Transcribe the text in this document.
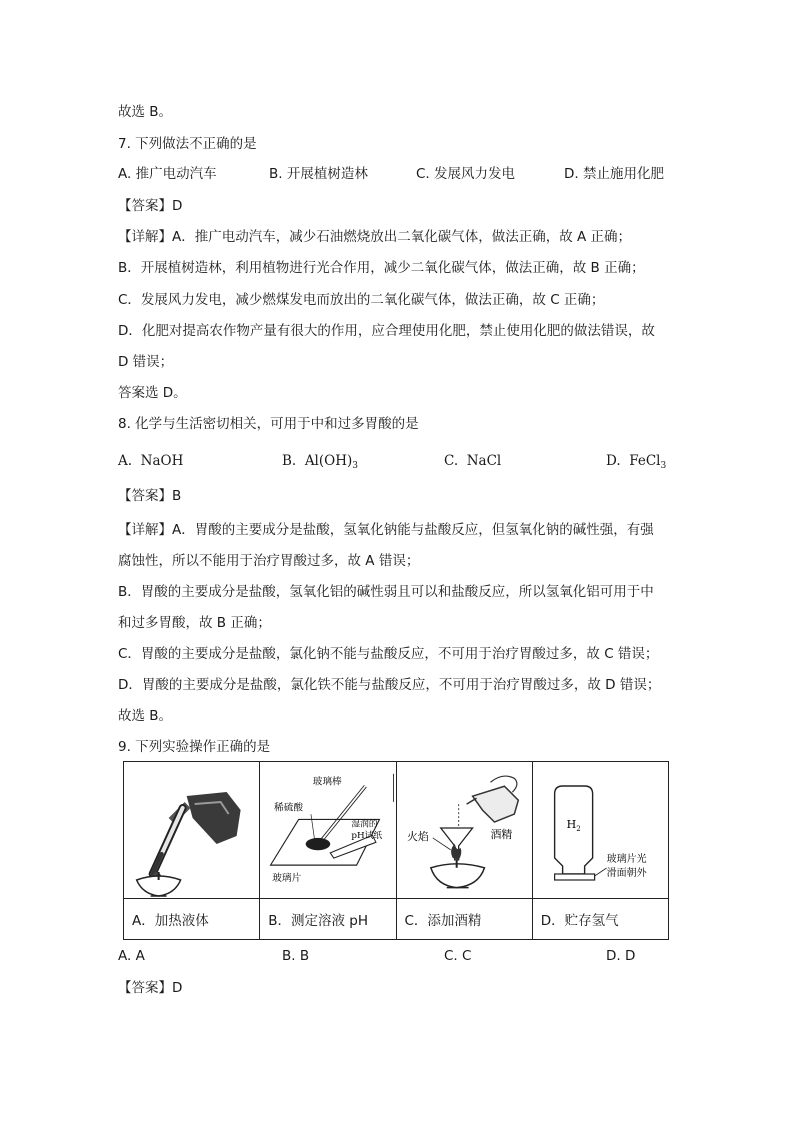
故选 B。
7. 下列做法不正确的是
A. 推广电动汽车	B. 开展植树造林	C. 发展风力发电	D. 禁止施用化肥
【答案】D
【详解】A．推广电动汽车，减少石油燃烧放出二氧化碳气体，做法正确，故 A 正确；
B．开展植树造林，利用植物进行光合作用，减少二氧化碳气体，做法正确，故 B 正确；
C．发展风力发电，减少燃煤发电而放出的二氧化碳气体，做法正确，故 C 正确；
D．化肥对提高农作物产量有很大的作用，应合理使用化肥，禁止使用化肥的做法错误，故
D 错误；
答案选 D。
8. 化学与生活密切相关，可用于中和过多胃酸的是
A. NaOH	B. $Al(OH)_3$	C. NaCl	D. FeCl$_3$
【答案】B
【详解】A．胃酸的主要成分是盐酸，氢氧化钠能与盐酸反应，但氢氧化钠的碱性强，有强
腐蚀性，所以不能用于治疗胃酸过多，故 A 错误；
B．胃酸的主要成分是盐酸，氢氧化铝的碱性弱且可以和盐酸反应，所以氢氧化铝可用于中
和过多胃酸，故 B 正确；
C．胃酸的主要成分是盐酸，氯化钠不能与盐酸反应，不可用于治疗胃酸过多，故 C 错误；
D．胃酸的主要成分是盐酸，氯化铁不能与盐酸反应，不可用于治疗胃酸过多，故 D 错误；
故选 B。
9. 下列实验操作正确的是

玻璃棒
稀硫酸
湿润的
pH试纸
玻璃片	酒精
火焰	$H_2$
玻璃片光
滑面朝外

A．加热液体	B．测定溶液 pH	C．添加酒精	D．贮存氢气
A. A	B. B	C. C	D. D
【答案】D
